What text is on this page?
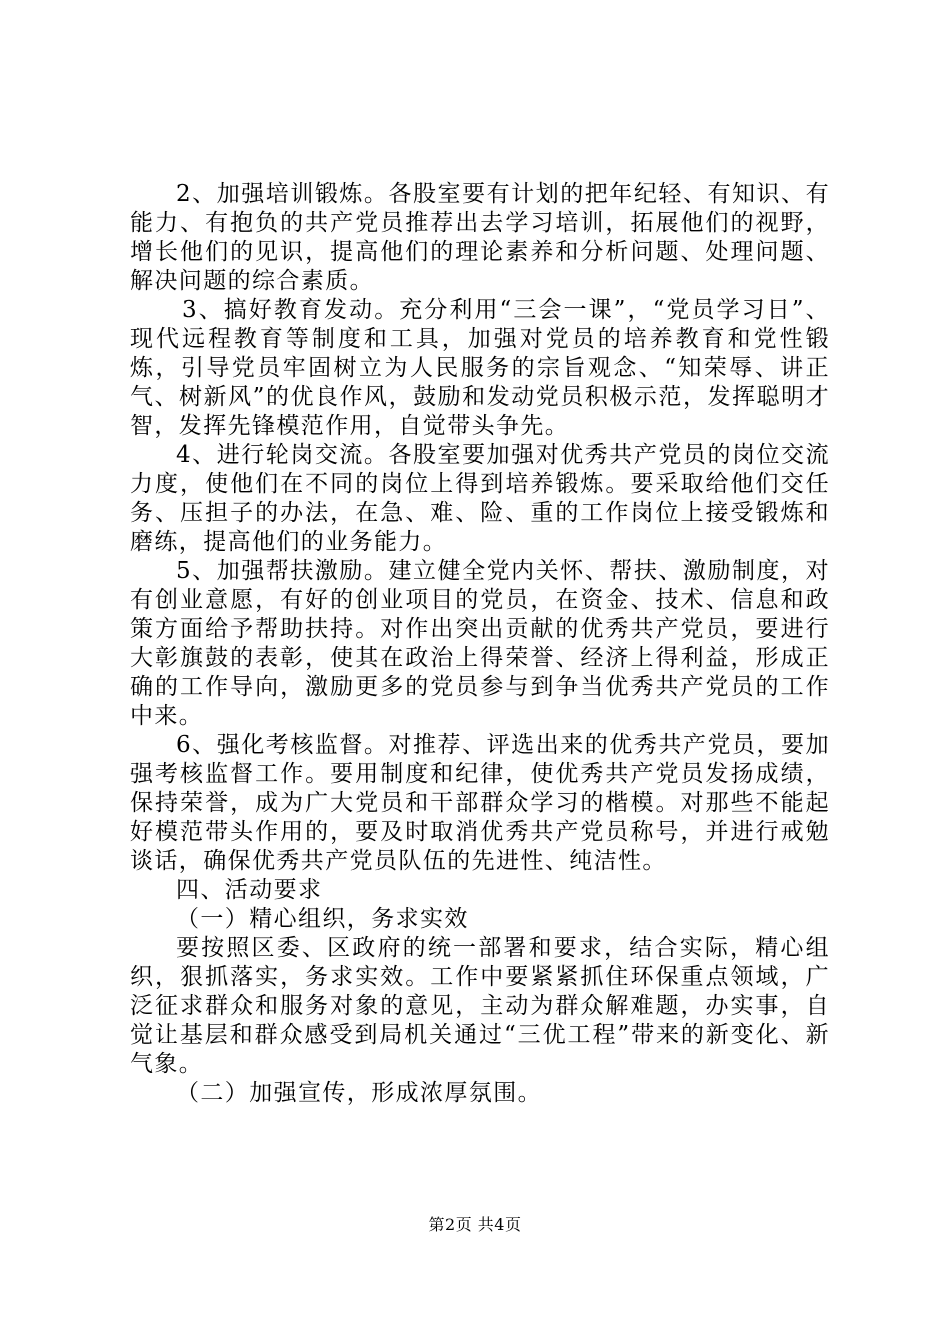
2、加强培训锻炼。各股室要有计划的把年纪轻、有知识、有能力、有抱负的共产党员推荐出去学习培训，拓展他们的视野，增长他们的见识，提高他们的理论素养和分析问题、处理问题、解决问题的综合素质。

3、搞好教育发动。充分利用“三会一课”，“党员学习日”、现代远程教育等制度和工具，加强对党员的培养教育和党性锻炼，引导党员牢固树立为人民服务的宗旨观念、“知荣辱、讲正气、树新风”的优良作风，鼓励和发动党员积极示范，发挥聪明才智，发挥先锋模范作用，自觉带头争先。

4、进行轮岗交流。各股室要加强对优秀共产党员的岗位交流力度，使他们在不同的岗位上得到培养锻炼。要采取给他们交任务、压担子的办法，在急、难、险、重的工作岗位上接受锻炼和磨练，提高他们的业务能力。

5、加强帮扶激励。建立健全党内关怀、帮扶、激励制度，对有创业意愿，有好的创业项目的党员，在资金、技术、信息和政策方面给予帮助扶持。对作出突出贡献的优秀共产党员，要进行大彰旗鼓的表彰，使其在政治上得荣誉、经济上得利益，形成正确的工作导向，激励更多的党员参与到争当优秀共产党员的工作中来。

6、强化考核监督。对推荐、评选出来的优秀共产党员，要加强考核监督工作。要用制度和纪律，使优秀共产党员发扬成绩，保持荣誉，成为广大党员和干部群众学习的楷模。对那些不能起好模范带头作用的，要及时取消优秀共产党员称号，并进行戒勉谈话，确保优秀共产党员队伍的先进性、纯洁性。

四、活动要求

（一）精心组织，务求实效

要按照区委、区政府的统一部署和要求，结合实际，精心组织，狠抓落实，务求实效。工作中要紧紧抓住环保重点领域，广泛征求群众和服务对象的意见，主动为群众解难题，办实事，自觉让基层和群众感受到局机关通过“三优工程”带来的新变化、新气象。

（二）加强宣传，形成浓厚氛围。

第2页 共4页
